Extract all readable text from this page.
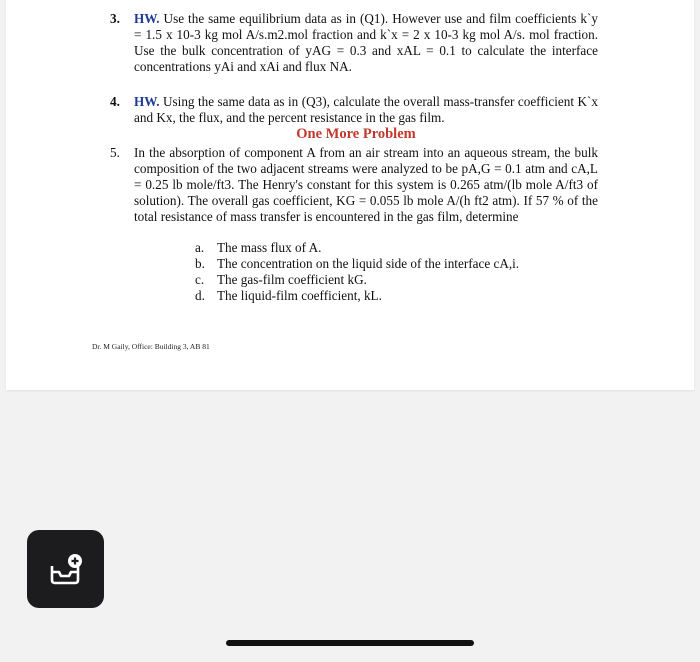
3. HW. Use the same equilibrium data as in (Q1). However use and film coefficients k`y = 1.5 x 10-3 kg mol A/s.m2.mol fraction and k`x = 2 x 10-3 kg mol A/s. mol fraction. Use the bulk concentration of yAG = 0.3 and xAL = 0.1 to calculate the interface concentrations yAi and xAi and flux NA.
4. HW. Using the same data as in (Q3), calculate the overall mass-transfer coefficient K`x and Kx, the flux, and the percent resistance in the gas film.
One More Problem
5. In the absorption of component A from an air stream into an aqueous stream, the bulk composition of the two adjacent streams were analyzed to be pA,G = 0.1 atm and cA,L = 0.25 lb mole/ft3. The Henry's constant for this system is 0.265 atm/(lb mole A/ft3 of solution). The overall gas coefficient, KG = 0.055 lb mole A/(h ft2 atm). If 57 % of the total resistance of mass transfer is encountered in the gas film, determine
a. The mass flux of A.
b. The concentration on the liquid side of the interface cA,i.
c. The gas-film coefficient kG.
d. The liquid-film coefficient, kL.
Dr. M Gaily, Office: Building 3, AB 81
